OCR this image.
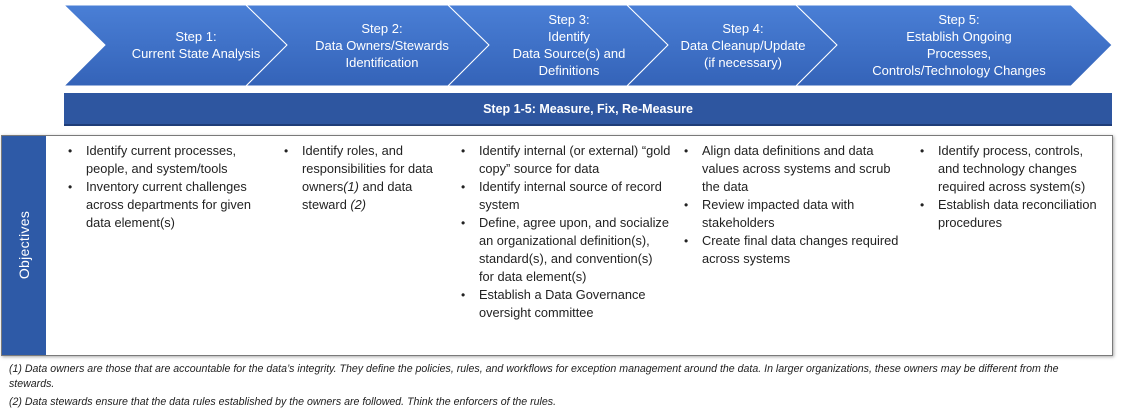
Step 1:
Current State Analysis
Step 2:
Data Owners/Stewards
Identification
Step 3:
Identify
Data Source(s) and
Definitions
Step 4:
Data Cleanup/Update
(if necessary)
Step 5:
Establish Ongoing
Processes,
Controls/Technology Changes
Step 1-5: Measure, Fix, Re-Measure
Objectives
• Identify current processes, people, and system/tools
• Inventory current challenges across departments for given data element(s)
• Identify roles, and responsibilities for data owners(1) and data steward (2)
• Identify internal (or external) “gold copy” source for data
• Identify internal source of record system
• Define, agree upon, and socialize an organizational definition(s), standard(s), and convention(s) for data element(s)
• Establish a Data Governance oversight committee
• Align data definitions and data values across systems and scrub the data
• Review impacted data with stakeholders
• Create final data changes required across systems
• Identify process, controls, and technology changes required across system(s)
• Establish data reconciliation procedures
(1) Data owners are those that are accountable for the data’s integrity. They define the policies, rules, and workflows for exception management around the data. In larger organizations, these owners may be different from the stewards.
(2) Data stewards ensure that the data rules established by the owners are followed. Think the enforcers of the rules.
